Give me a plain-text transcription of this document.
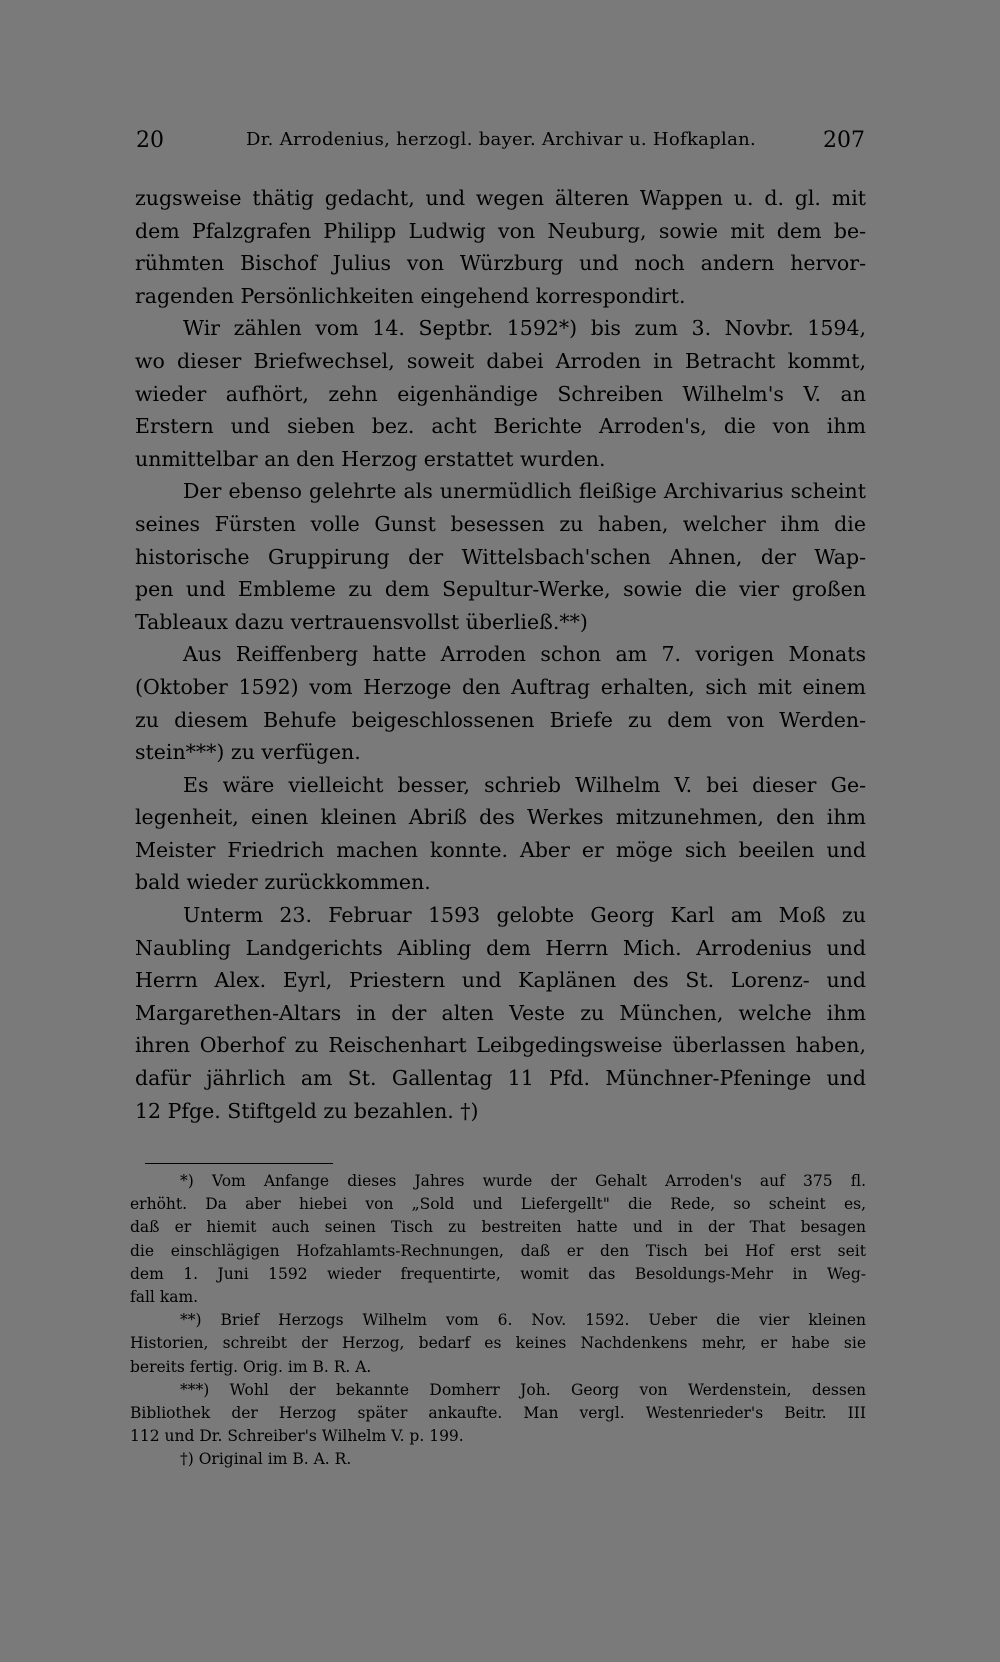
20	Dr. Arrodenius, herzogl. bayer. Archivar u. Hofkaplan.	207
zugsweise thätig gedacht, und wegen älteren Wappen u. d. gl. mit
dem Pfalzgrafen Philipp Ludwig von Neuburg, sowie mit dem be-
rühmten Bischof Julius von Würzburg und noch andern hervor-
ragenden Persönlichkeiten eingehend korrespondirt.
Wir zählen vom 14. Septbr. 1592*) bis zum 3. Novbr. 1594,
wo dieser Briefwechsel, soweit dabei Arroden in Betracht kommt,
wieder aufhört, zehn eigenhändige Schreiben Wilhelm's V. an
Erstern und sieben bez. acht Berichte Arroden's, die von ihm
unmittelbar an den Herzog erstattet wurden.
Der ebenso gelehrte als unermüdlich fleißige Archivarius scheint
seines Fürsten volle Gunst besessen zu haben, welcher ihm die
historische Gruppirung der Wittelsbach'schen Ahnen, der Wap-
pen und Embleme zu dem Sepultur-Werke, sowie die vier großen
Tableaux dazu vertrauensvollst überließ.**)
Aus Reiffenberg hatte Arroden schon am 7. vorigen Monats
(Oktober 1592) vom Herzoge den Auftrag erhalten, sich mit einem
zu diesem Behufe beigeschlossenen Briefe zu dem von Werden-
stein***) zu verfügen.
Es wäre vielleicht besser, schrieb Wilhelm V. bei dieser Ge-
legenheit, einen kleinen Abriß des Werkes mitzunehmen, den ihm
Meister Friedrich machen konnte. Aber er möge sich beeilen und
bald wieder zurückkommen.
Unterm 23. Februar 1593 gelobte Georg Karl am Moß zu
Naubling Landgerichts Aibling dem Herrn Mich. Arrodenius und
Herrn Alex. Eyrl, Priestern und Kaplänen des St. Lorenz- und
Margarethen-Altars in der alten Veste zu München, welche ihm
ihren Oberhof zu Reischenhart Leibgedingsweise überlassen haben,
dafür jährlich am St. Gallentag 11 Pfd. Münchner-Pfeninge und
12 Pfge. Stiftgeld zu bezahlen. †)
*) Vom Anfange dieses Jahres wurde der Gehalt Arroden's auf 375 fl.
erhöht. Da aber hiebei von „Sold und Liefergellt" die Rede, so scheint es,
daß er hiemit auch seinen Tisch zu bestreiten hatte und in der That besagen
die einschlägigen Hofzahlamts-Rechnungen, daß er den Tisch bei Hof erst seit
dem 1. Juni 1592 wieder frequentirte, womit das Besoldungs-Mehr in Weg-
fall kam.
**) Brief Herzogs Wilhelm vom 6. Nov. 1592. Ueber die vier kleinen
Historien, schreibt der Herzog, bedarf es keines Nachdenkens mehr, er habe sie
bereits fertig. Orig. im B. R. A.
***) Wohl der bekannte Domherr Joh. Georg von Werdenstein, dessen
Bibliothek der Herzog später ankaufte. Man vergl. Westenrieder's Beitr. III
112 und Dr. Schreiber's Wilhelm V. p. 199.
†) Original im B. A. R.
